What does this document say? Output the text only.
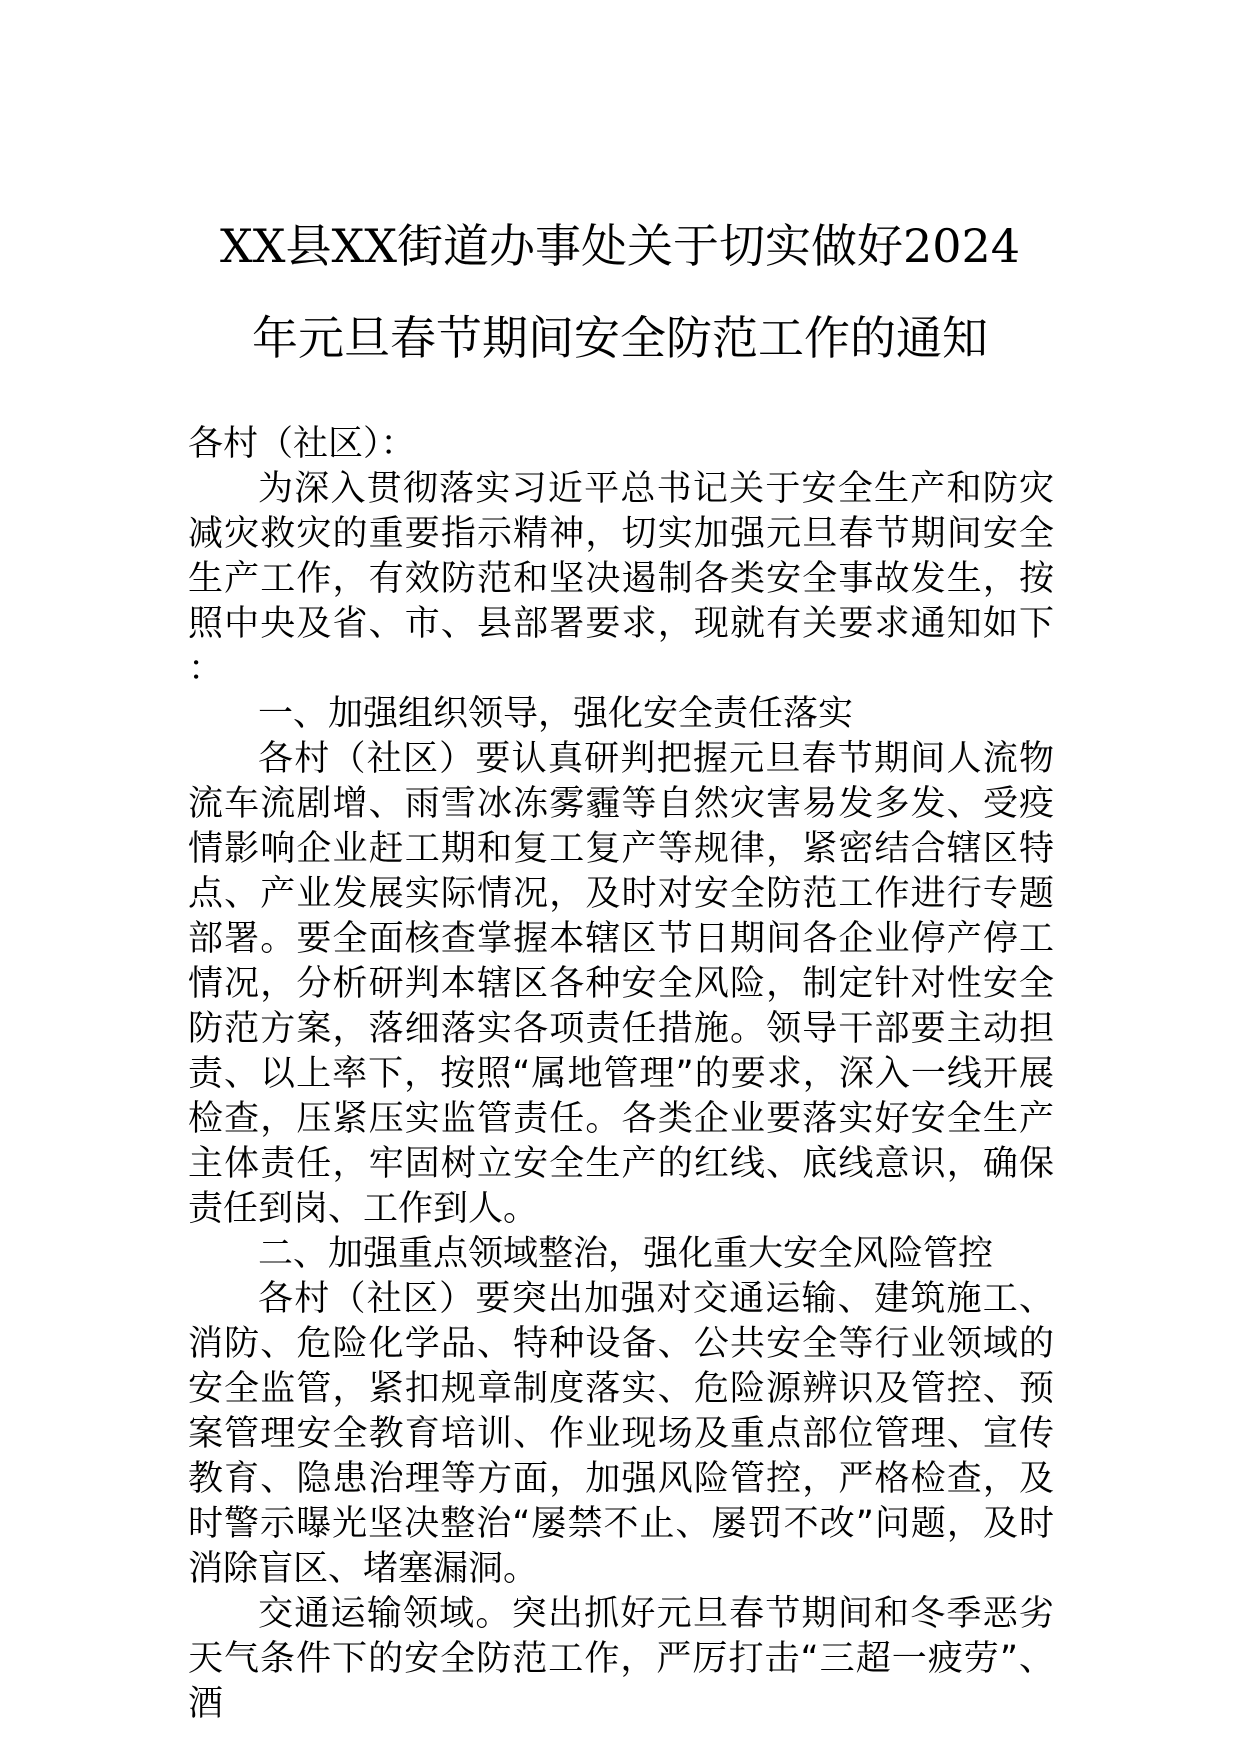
XX县XX街道办事处关于切实做好2024
年元旦春节期间安全防范工作的通知

各村（社区）：

为深入贯彻落实习近平总书记关于安全生产和防灾减灾救灾的重要指示精神，切实加强元旦春节期间安全生产工作，有效防范和坚决遏制各类安全事故发生，按照中央及省、市、县部署要求，现就有关要求通知如下：

一、加强组织领导，强化安全责任落实

各村（社区）要认真研判把握元旦春节期间人流物流车流剧增、雨雪冰冻雾霾等自然灾害易发多发、受疫情影响企业赶工期和复工复产等规律，紧密结合辖区特点、产业发展实际情况，及时对安全防范工作进行专题部署。要全面核查掌握本辖区节日期间各企业停产停工情况，分析研判本辖区各种安全风险，制定针对性安全防范方案，落细落实各项责任措施。领导干部要主动担责、以上率下，按照“属地管理”的要求，深入一线开展检查，压紧压实监管责任。各类企业要落实好安全生产主体责任，牢固树立安全生产的红线、底线意识，确保责任到岗、工作到人。

二、加强重点领域整治，强化重大安全风险管控

各村（社区）要突出加强对交通运输、建筑施工、消防、危险化学品、特种设备、公共安全等行业领域的安全监管，紧扣规章制度落实、危险源辨识及管控、预案管理安全教育培训、作业现场及重点部位管理、宣传教育、隐患治理等方面，加强风险管控，严格检查，及时警示曝光坚决整治“屡禁不止、屡罚不改”问题，及时消除盲区、堵塞漏洞。

交通运输领域。突出抓好元旦春节期间和冬季恶劣天气条件下的安全防范工作，严厉打击“三超一疲劳”、酒
